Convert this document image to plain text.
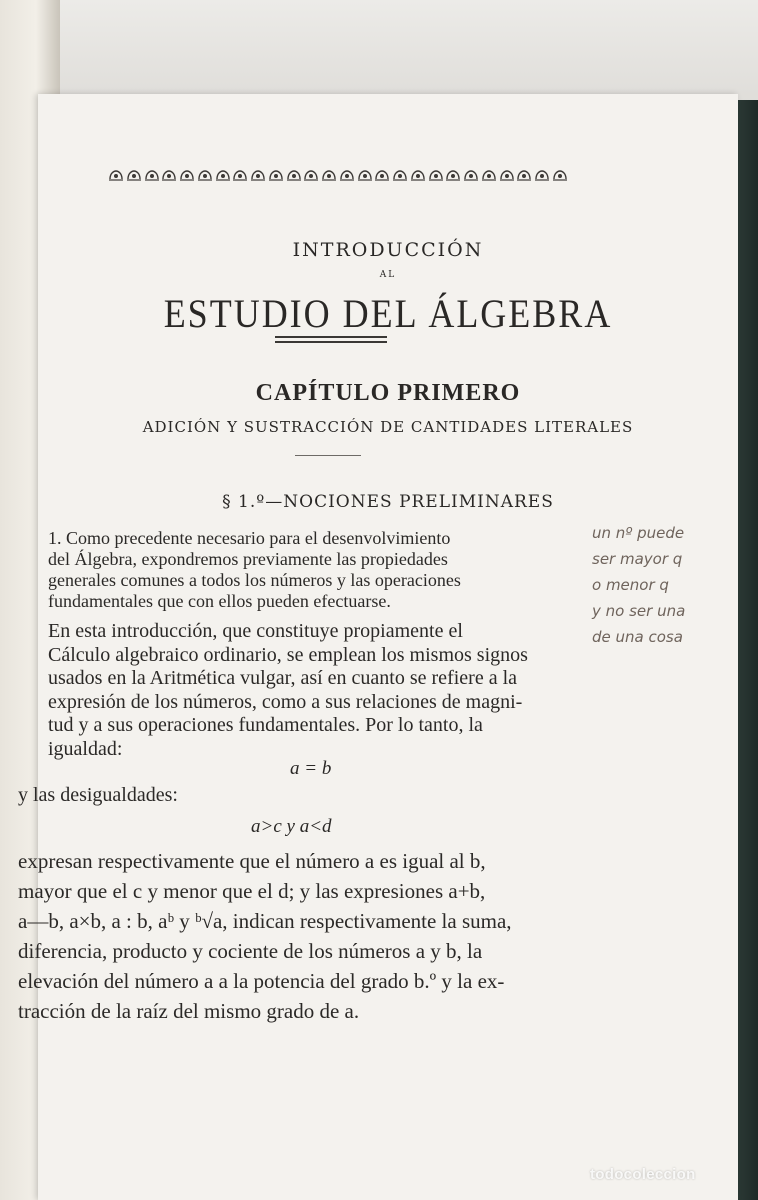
INTRODUCCIÓN
AL
ESTUDIO DEL ÁLGEBRA
CAPÍTULO PRIMERO
ADICIÓN Y SUSTRACCIÓN DE CANTIDADES LITERALES
§ 1.º—NOCIONES PRELIMINARES
1. Como precedente necesario para el desenvolvimiento
del Álgebra, expondremos previamente las propiedades
generales comunes a todos los números y las operaciones
fundamentales que con ellos pueden efectuarse.
En esta introducción, que constituye propiamente el
Cálculo algebraico ordinario, se emplean los mismos signos
usados en la Aritmética vulgar, así en cuanto se refiere a la
expresión de los números, como a sus relaciones de magni-
tud y a sus operaciones fundamentales. Por lo tanto, la
igualdad:
a = b
y las desigualdades:
a>c y a<d
expresan respectivamente que el número a es igual al b,
mayor que el c y menor que el d; y las expresiones a+b,
a—b, a×b, a : b, aᵇ y ᵇ√a, indican respectivamente la suma,
diferencia, producto y cociente de los números a y b, la
elevación del número a a la potencia del grado b.º y la ex-
tracción de la raíz del mismo grado de a.
un nº puede
ser mayor q
o menor q
y no ser una
de una cosa
todocoleccion
